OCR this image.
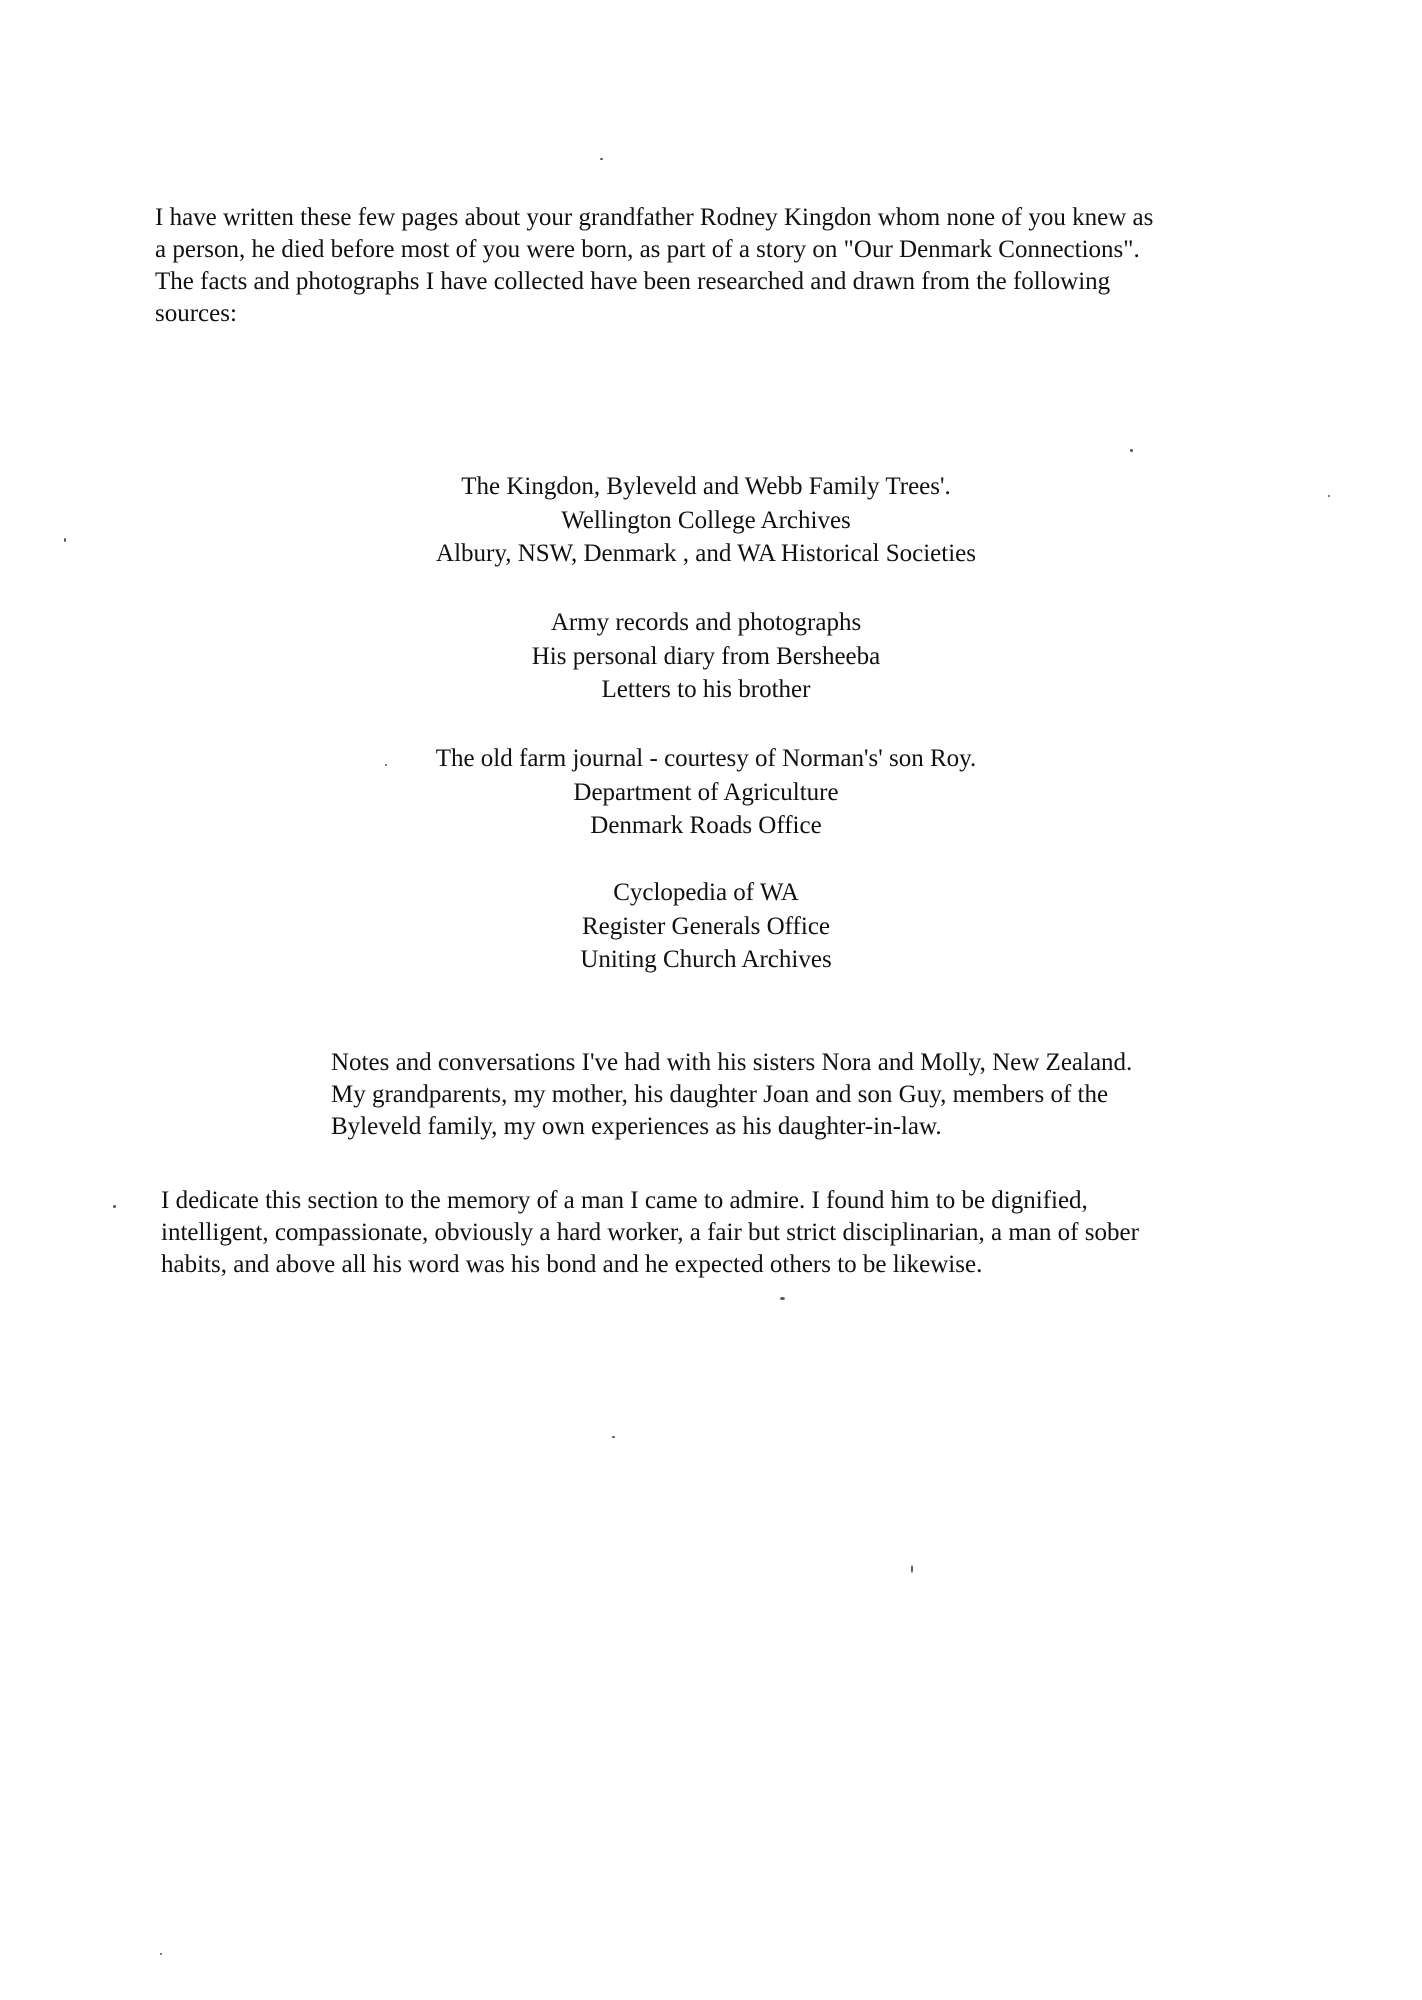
I have written these few pages about your grandfather Rodney Kingdon whom none of you knew as
a person, he died before most of you were born, as part of a story on "Our Denmark Connections".
The facts and photographs I have collected have been researched and drawn from the following
sources:
The Kingdon, Byleveld and Webb Family Trees'.
Wellington College Archives
Albury, NSW, Denmark , and WA Historical Societies
Army records and photographs
His personal diary from Bersheeba
Letters to his brother
The old farm journal - courtesy of Norman's' son Roy.
Department of Agriculture
Denmark Roads Office
Cyclopedia of WA
Register Generals Office
Uniting Church Archives
Notes and conversations I've had with his sisters Nora and Molly, New Zealand.
My grandparents, my mother, his daughter Joan and son Guy, members of the
Byleveld family, my own experiences as his daughter-in-law.
I dedicate this section to the memory of a man I came to admire. I found him to be dignified,
intelligent, compassionate, obviously a hard worker, a fair but strict disciplinarian, a man of sober
habits, and above all his word was his bond and he expected others to be likewise.
